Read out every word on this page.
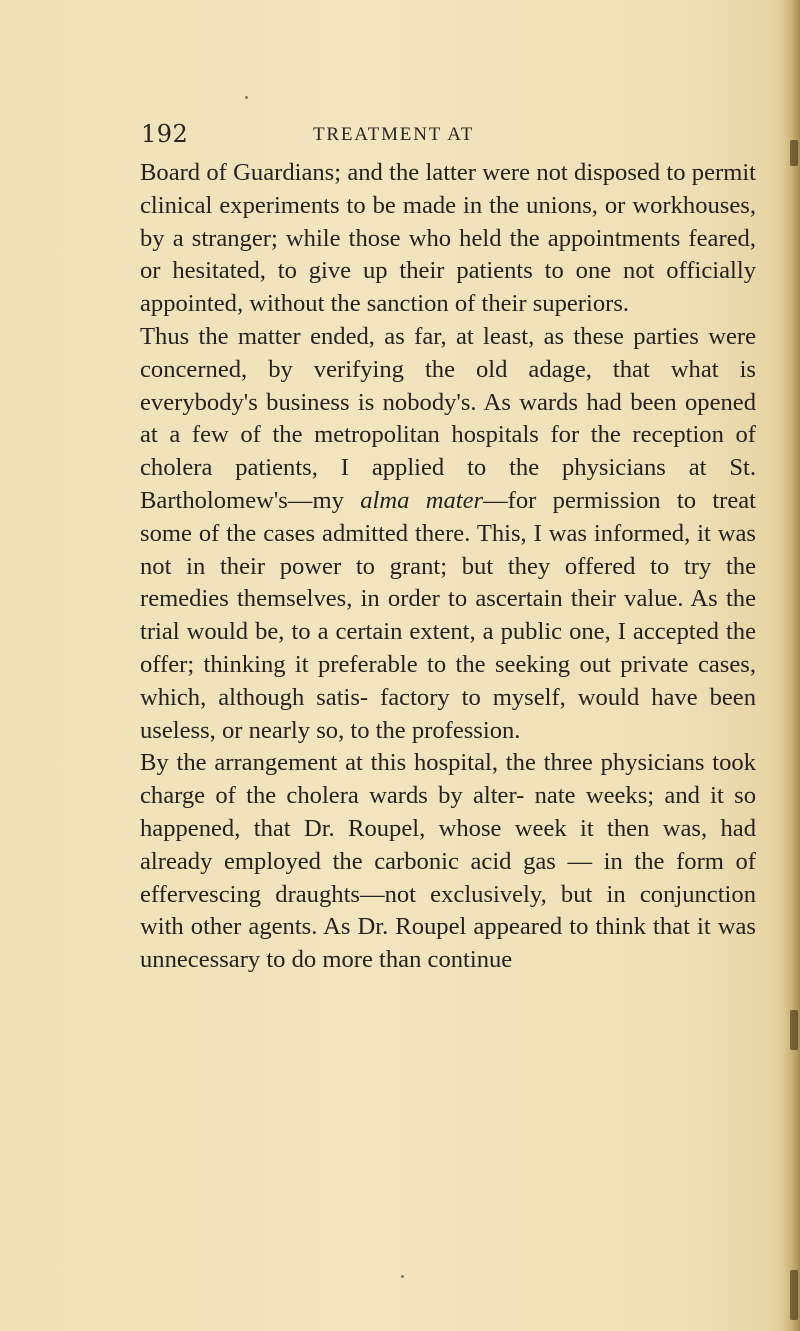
192	TREATMENT AT
Board of Guardians; and the latter were not disposed to permit clinical experiments to be made in the unions, or workhouses, by a stranger; while those who held the appointments feared, or hesitated, to give up their patients to one not officially appointed, without the sanction of their superiors.
Thus the matter ended, as far, at least, as these parties were concerned, by verifying the old adage, that what is everybody's business is nobody's. As wards had been opened at a few of the metropolitan hospitals for the reception of cholera patients, I applied to the physicians at St. Bartholomew's—my alma mater—for permission to treat some of the cases admitted there. This, I was informed, it was not in their power to grant; but they offered to try the remedies themselves, in order to ascertain their value. As the trial would be, to a certain extent, a public one, I accepted the offer; thinking it preferable to the seeking out private cases, which, although satis- factory to myself, would have been useless, or nearly so, to the profession.
By the arrangement at this hospital, the three physicians took charge of the cholera wards by alter- nate weeks; and it so happened, that Dr. Roupel, whose week it then was, had already employed the carbonic acid gas — in the form of effervescing draughts—not exclusively, but in conjunction with other agents. As Dr. Roupel appeared to think that it was unnecessary to do more than continue
